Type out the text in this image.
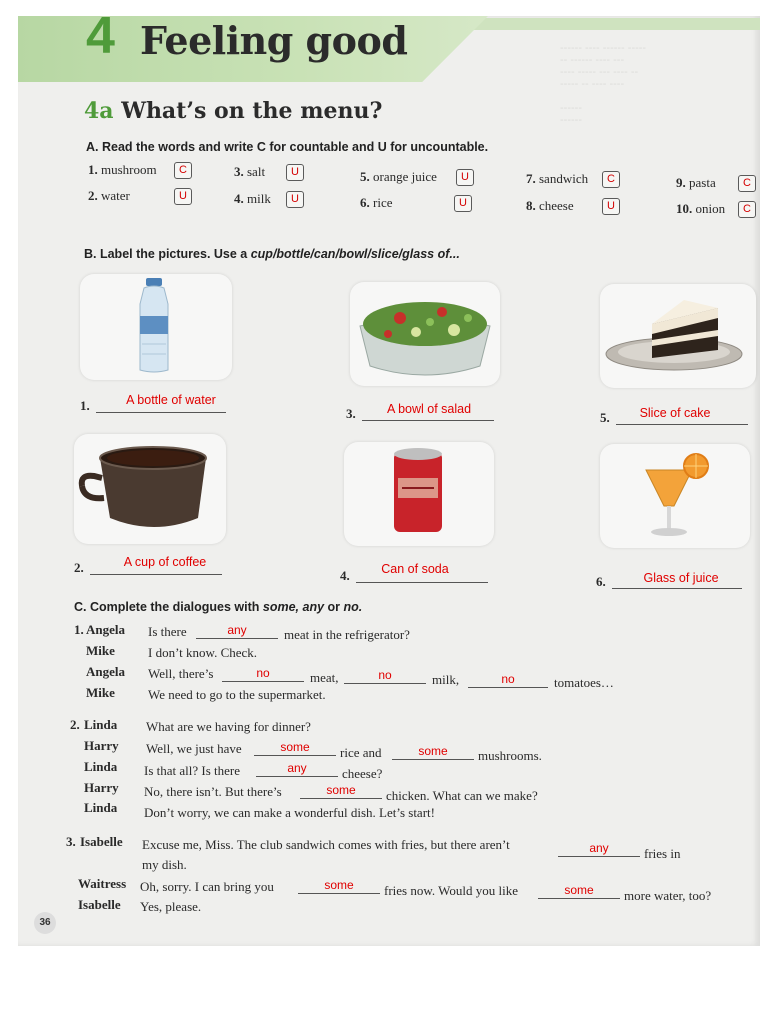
------ ---- ------ -----
-- ------ ---- ---
---- ----- --- ---- --
----- -- ---- ----

------
------
4 Feeling good
4a What’s on the menu?
A. Read the words and write C for countable and U for uncountable.
1. mushroom	C
2. water	U
3. salt	U
4. milk	U
5. orange juice	U
6. rice	U
7. sandwich	C
8. cheese	U
9. pasta	C
10. onion	C
B. Label the pictures. Use a cup/bottle/can/bowl/slice/glass of...
1.	A bottle of water
2.	A cup of coffee
3.	A bowl of salad
4.	Can of soda
5.	Slice of cake
6.	Glass of juice
C. Complete the dialogues with some, any or no.
1. Angela Is there	any	meat in the refrigerator?
Mike	I don’t know. Check.
Angela Well, there’s	no	meat,	no	milk,	no	tomatoes…
Mike	We need to go to the supermarket.
2. Linda What are we having for dinner?
Harry Well, we just have	some	rice and	some	mushrooms.
Linda Is that all? Is there	any	cheese?
Harry No, there isn’t. But there’s	some	chicken. What can we make?
Linda Don’t worry, we can make a wonderful dish. Let’s start!
3. Isabelle Excuse me, Miss. The club sandwich comes with fries, but there aren’t	any	fries in
my dish.
Waitress Oh, sorry. I can bring you	some	fries now. Would you like	some	more water, too?
Isabelle Yes, please.
36
